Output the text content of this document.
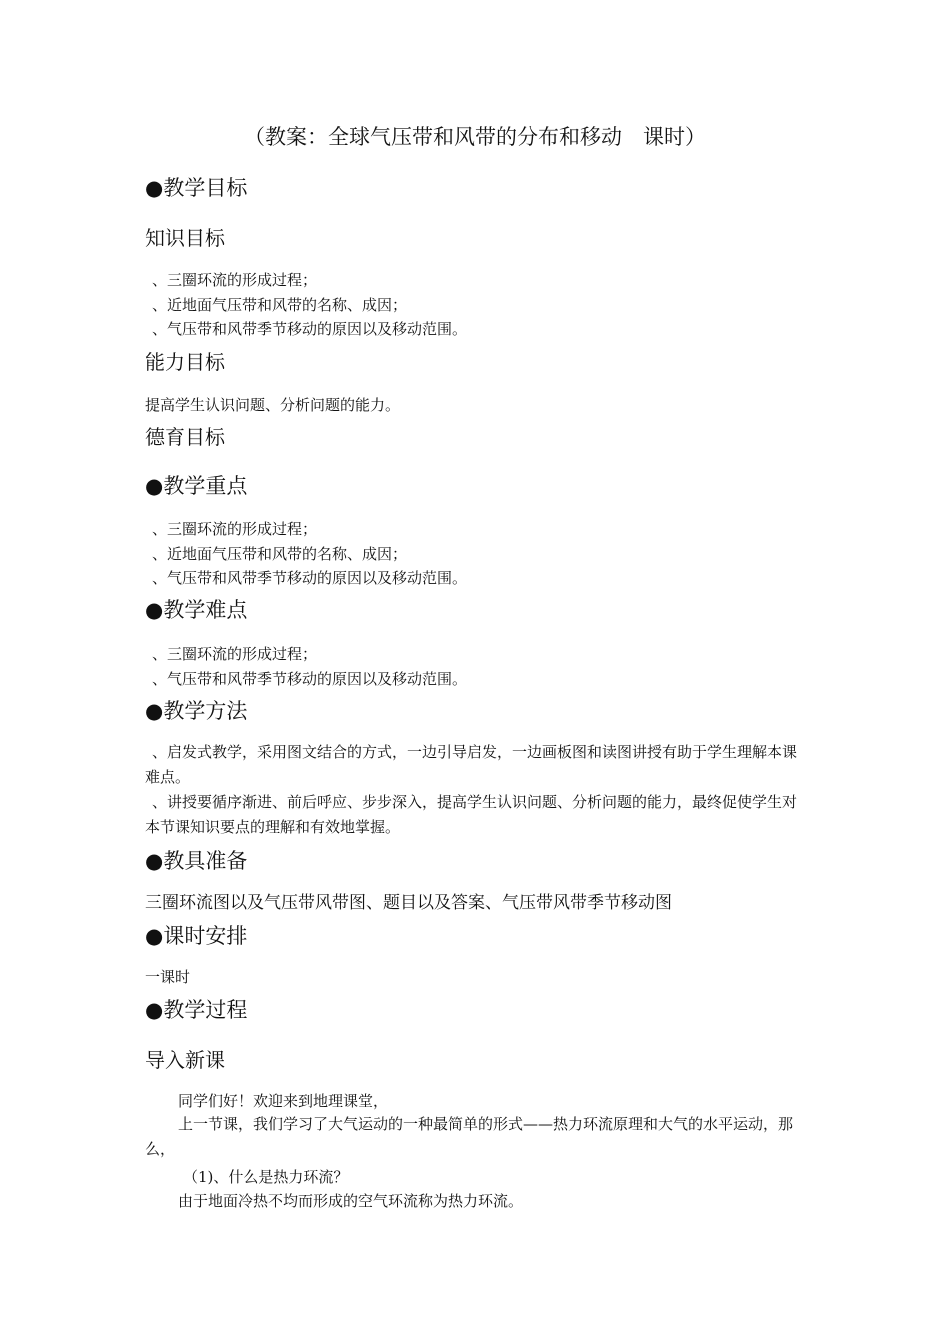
（教案：全球气压带和风带的分布和移动　课时）
●教学目标
知识目标
、三圈环流的形成过程；
、近地面气压带和风带的名称、成因；
、气压带和风带季节移动的原因以及移动范围。
能力目标
提高学生认识问题、分析问题的能力。
德育目标
●教学重点
、三圈环流的形成过程；
、近地面气压带和风带的名称、成因；
、气压带和风带季节移动的原因以及移动范围。
●教学难点
、三圈环流的形成过程；
、气压带和风带季节移动的原因以及移动范围。
●教学方法
、启发式教学，采用图文结合的方式，一边引导启发，一边画板图和读图讲授有助于学生理解本课难点。
、讲授要循序渐进、前后呼应、步步深入，提高学生认识问题、分析问题的能力，最终促使学生对本节课知识要点的理解和有效地掌握。
●教具准备
三圈环流图以及气压带风带图、题目以及答案、气压带风带季节移动图
●课时安排
一课时
●教学过程
导入新课
同学们好！欢迎来到地理课堂，
上一节课，我们学习了大气运动的一种最简单的形式——热力环流原理和大气的水平运动，那么，
（1)、什么是热力环流？
由于地面冷热不均而形成的空气环流称为热力环流。
